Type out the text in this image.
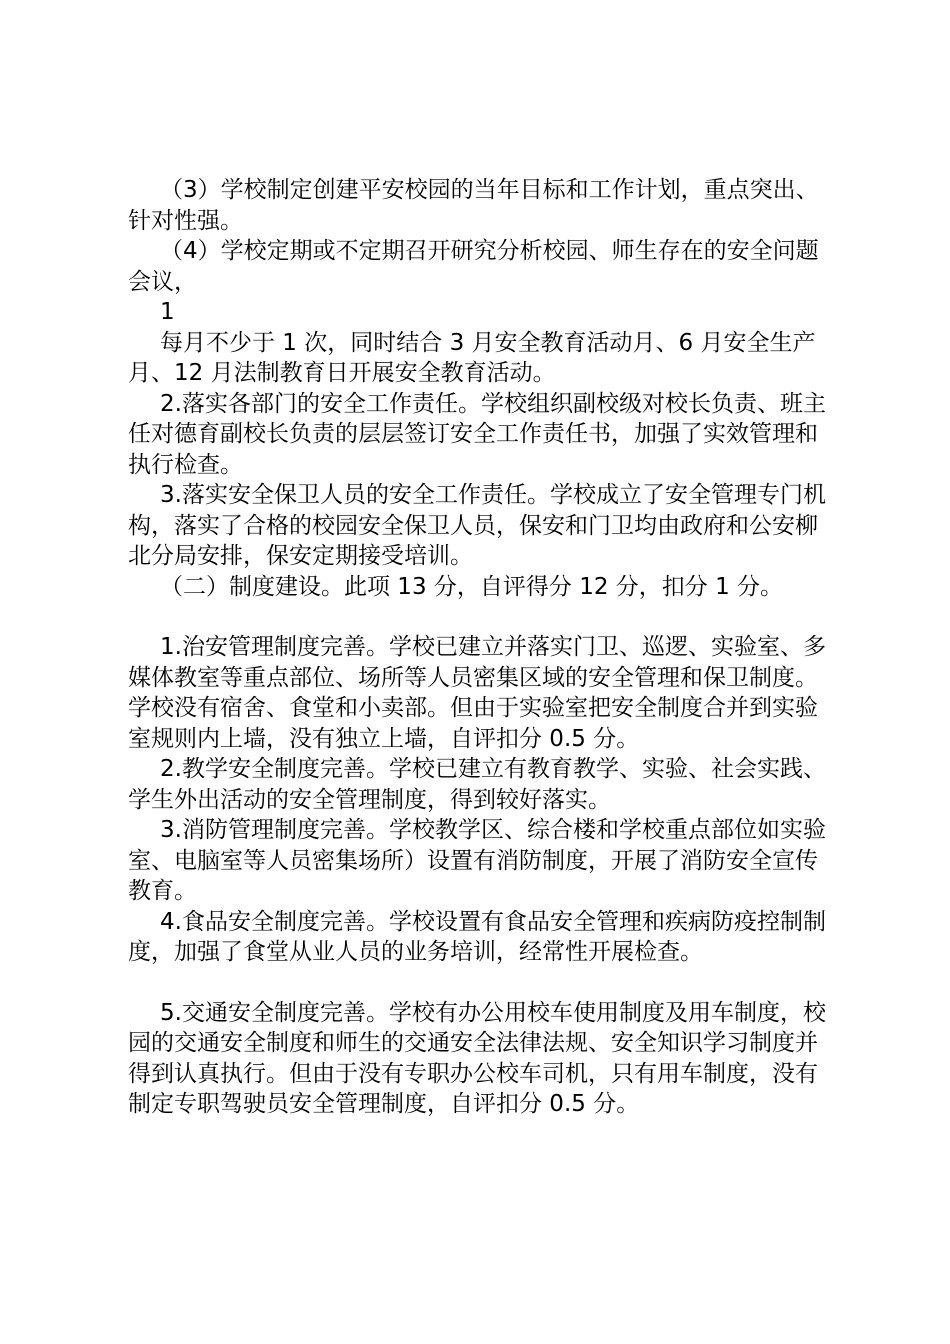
（3）学校制定创建平安校园的当年目标和工作计划，重点突出、针对性强。

（4）学校定期或不定期召开研究分析校园、师生存在的安全问题会议，

1

每月不少于 1 次，同时结合 3 月安全教育活动月、6 月安全生产月、12 月法制教育日开展安全教育活动。

2.落实各部门的安全工作责任。学校组织副校级对校长负责、班主任对德育副校长负责的层层签订安全工作责任书，加强了实效管理和执行检查。

3.落实安全保卫人员的安全工作责任。学校成立了安全管理专门机构，落实了合格的校园安全保卫人员，保安和门卫均由政府和公安柳北分局安排，保安定期接受培训。

（二）制度建设。此项 13 分，自评得分 12 分，扣分 1 分。

1.治安管理制度完善。学校已建立并落实门卫、巡逻、实验室、多媒体教室等重点部位、场所等人员密集区域的安全管理和保卫制度。学校没有宿舍、食堂和小卖部。但由于实验室把安全制度合并到实验室规则内上墙，没有独立上墙，自评扣分 0.5 分。

2.教学安全制度完善。学校已建立有教育教学、实验、社会实践、学生外出活动的安全管理制度，得到较好落实。

3.消防管理制度完善。学校教学区、综合楼和学校重点部位如实验室、电脑室等人员密集场所）设置有消防制度，开展了消防安全宣传教育。

4.食品安全制度完善。学校设置有食品安全管理和疾病防疫控制制度，加强了食堂从业人员的业务培训，经常性开展检查。

5.交通安全制度完善。学校有办公用校车使用制度及用车制度，校园的交通安全制度和师生的交通安全法律法规、安全知识学习制度并得到认真执行。但由于没有专职办公校车司机，只有用车制度，没有制定专职驾驶员安全管理制度，自评扣分 0.5 分。
